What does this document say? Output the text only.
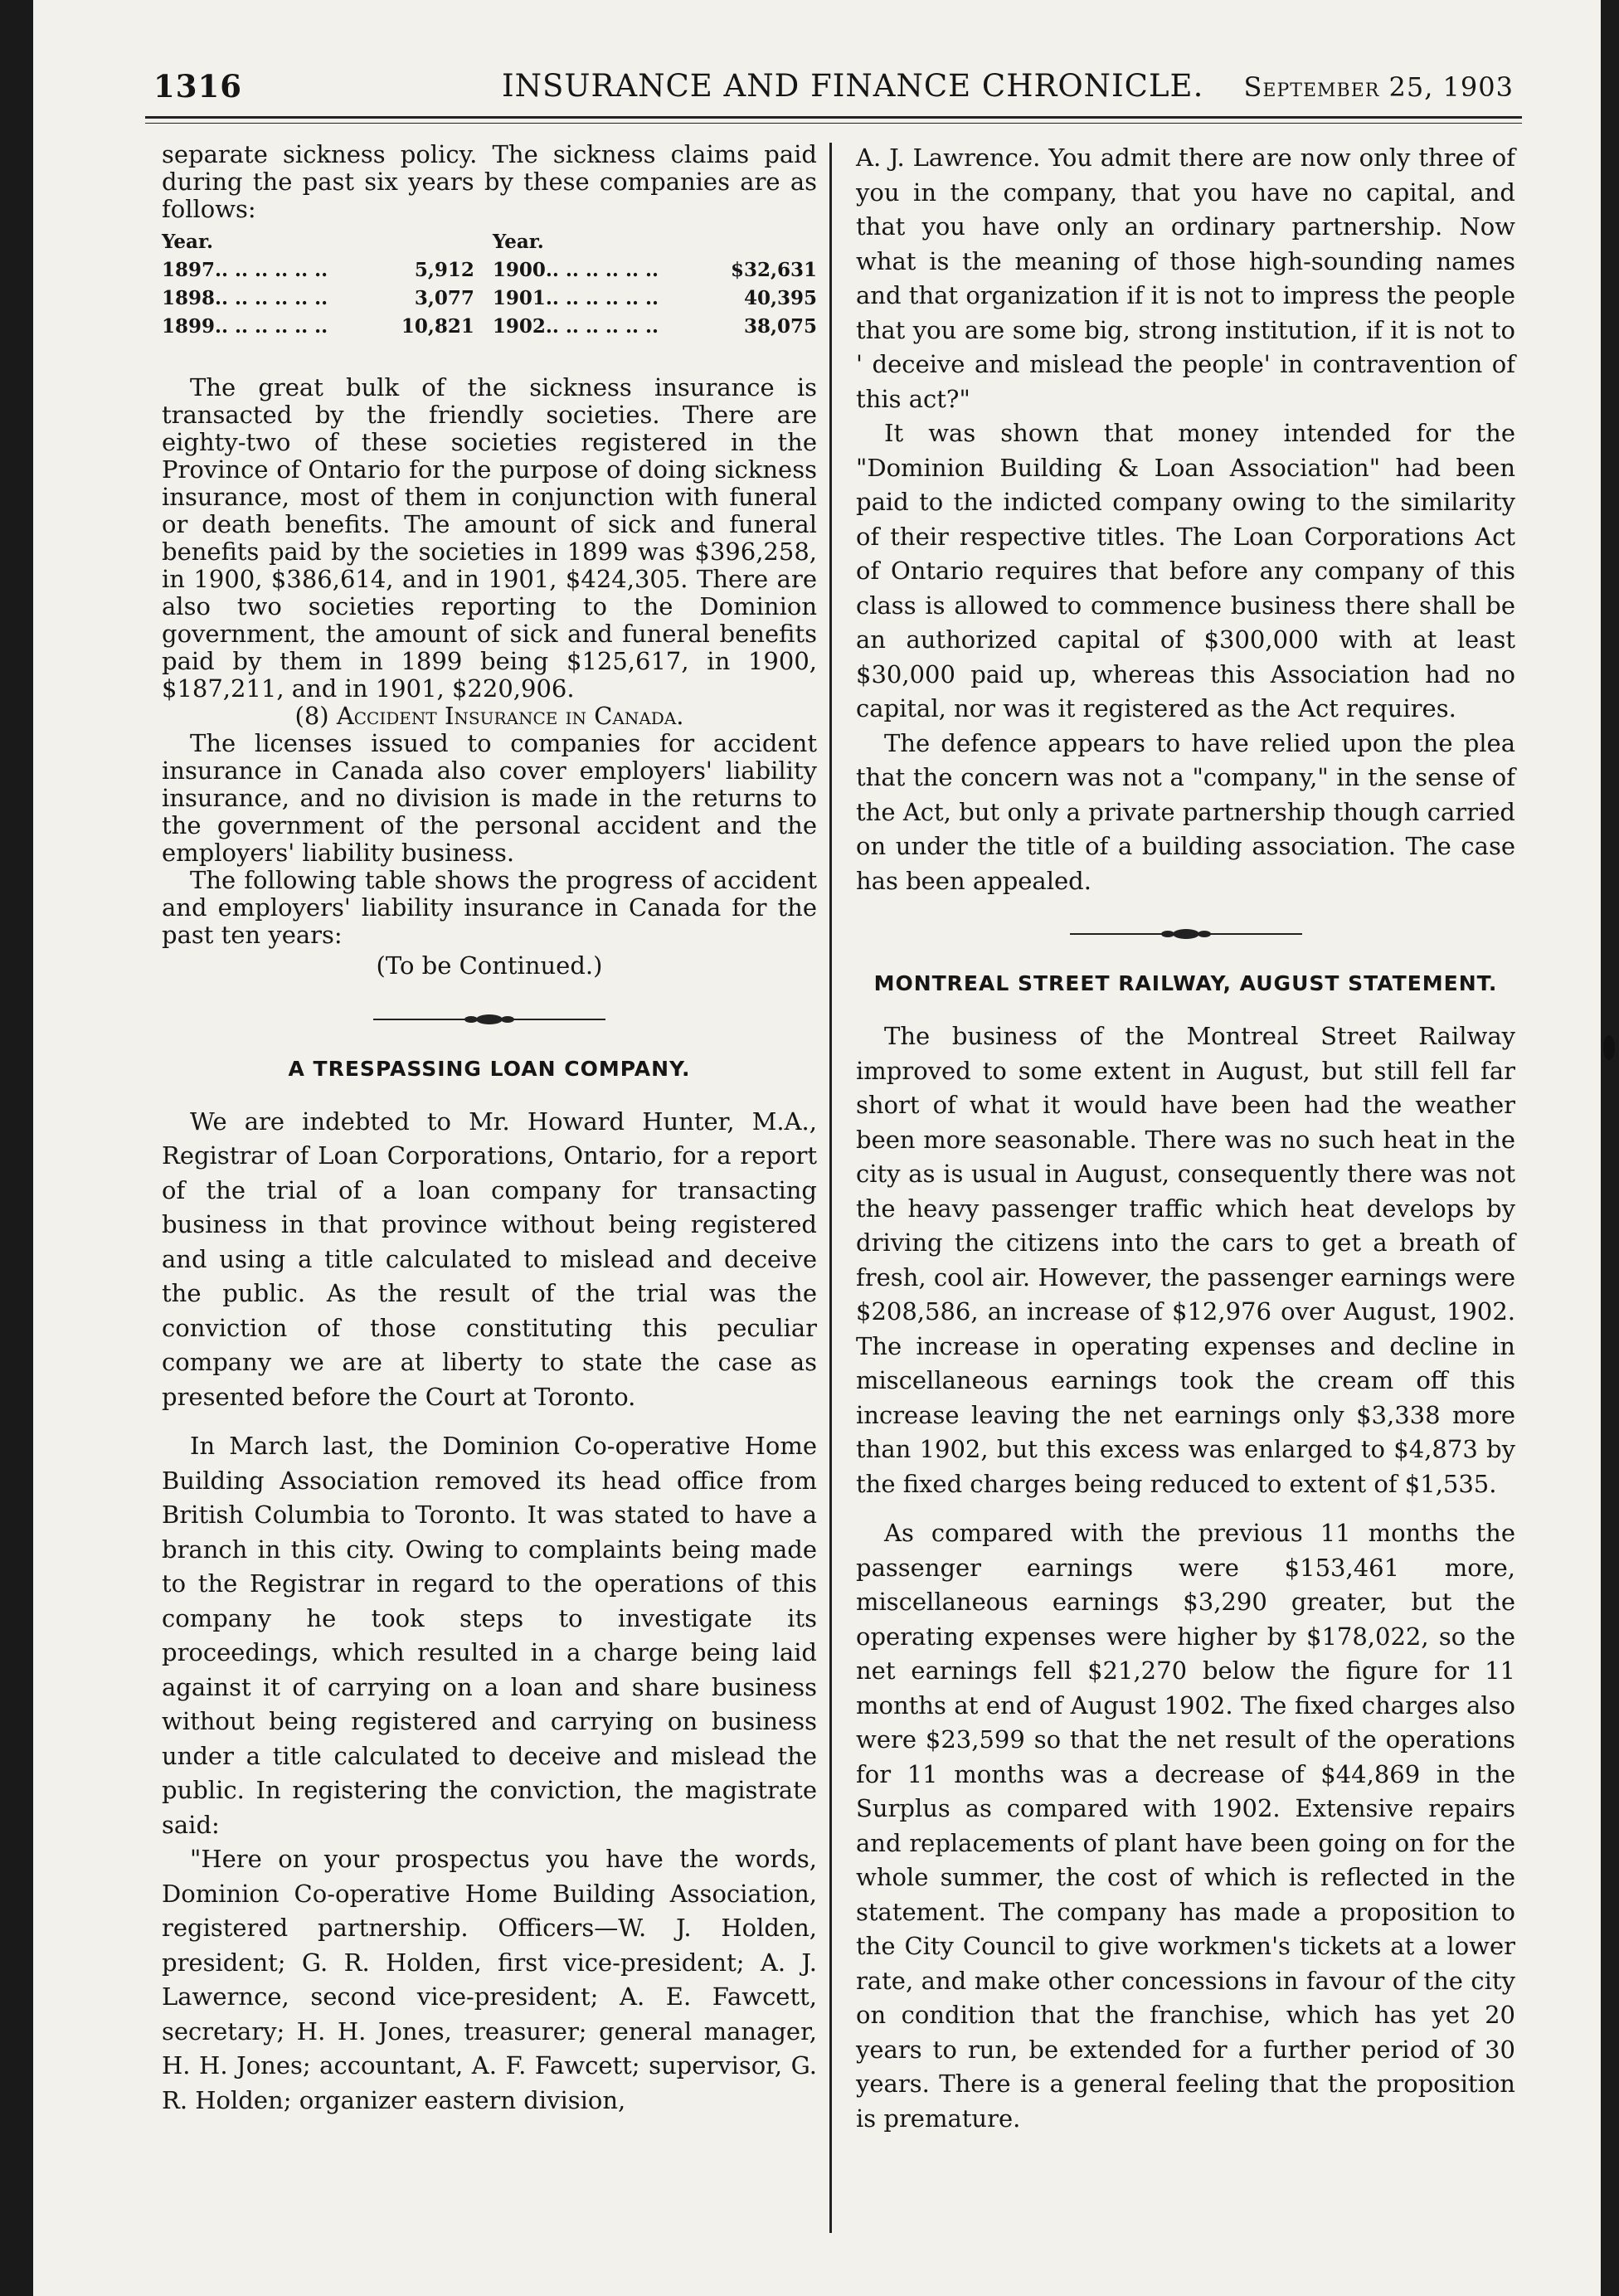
1316	INSURANCE AND FINANCE CHRONICLE. September 25, 1903

separate sickness policy. The sickness claims paid during the past six years by these companies are as follows:

Year.		Year.	
1897.. .. .. .. .. ..	5,912	1900.. .. .. .. .. ..	$32,631
1898.. .. .. .. .. ..	3,077	1901.. .. .. .. .. ..	40,395
1899.. .. .. .. .. ..	10,821	1902.. .. .. .. .. ..	38,075

The great bulk of the sickness insurance is transacted by the friendly societies. There are eighty-two of these societies registered in the Province of Ontario for the purpose of doing sickness insurance, most of them in conjunction with funeral or death benefits. The amount of sick and funeral benefits paid by the societies in 1899 was $396,258, in 1900, $386,614, and in 1901, $424,305. There are also two societies reporting to the Dominion government, the amount of sick and funeral benefits paid by them in 1899 being $125,617, in 1900, $187,211, and in 1901, $220,906.

(8) Accident Insurance in Canada.

The licenses issued to companies for accident insurance in Canada also cover employers' liability insurance, and no division is made in the returns to the government of the personal accident and the employers' liability business.

The following table shows the progress of accident and employers' liability insurance in Canada for the past ten years:

(To be Continued.)

A TRESPASSING LOAN COMPANY.

We are indebted to Mr. Howard Hunter, M.A., Registrar of Loan Corporations, Ontario, for a report of the trial of a loan company for transacting business in that province without being registered and using a title calculated to mislead and deceive the public. As the result of the trial was the conviction of those constituting this peculiar company we are at liberty to state the case as presented before the Court at Toronto.

In March last, the Dominion Co-operative Home Building Association removed its head office from British Columbia to Toronto. It was stated to have a branch in this city. Owing to complaints being made to the Registrar in regard to the operations of this company he took steps to investigate its proceedings, which resulted in a charge being laid against it of carrying on a loan and share business without being registered and carrying on business under a title calculated to deceive and mislead the public. In registering the conviction, the magistrate said:

"Here on your prospectus you have the words, Dominion Co-operative Home Building Association, registered partnership. Officers—W. J. Holden, president; G. R. Holden, first vice-president; A. J. Lawernce, second vice-president; A. E. Fawcett, secretary; H. H. Jones, treasurer; general manager, H. H. Jones; accountant, A. F. Fawcett; supervisor, G. R. Holden; organizer eastern division,

A. J. Lawrence. You admit there are now only three of you in the company, that you have no capital, and that you have only an ordinary partnership. Now what is the meaning of those high-sounding names and that organization if it is not to impress the people that you are some big, strong institution, if it is not to ' deceive and mislead the people' in contravention of this act?"

It was shown that money intended for the "Dominion Building & Loan Association" had been paid to the indicted company owing to the similarity of their respective titles. The Loan Corporations Act of Ontario requires that before any company of this class is allowed to commence business there shall be an authorized capital of $300,000 with at least $30,000 paid up, whereas this Association had no capital, nor was it registered as the Act requires.

The defence appears to have relied upon the plea that the concern was not a "company," in the sense of the Act, but only a private partnership though carried on under the title of a building association. The case has been appealed.

MONTREAL STREET RAILWAY, AUGUST STATEMENT.

The business of the Montreal Street Railway improved to some extent in August, but still fell far short of what it would have been had the weather been more seasonable. There was no such heat in the city as is usual in August, consequently there was not the heavy passenger traffic which heat develops by driving the citizens into the cars to get a breath of fresh, cool air. However, the passenger earnings were $208,586, an increase of $12,976 over August, 1902. The increase in operating expenses and decline in miscellaneous earnings took the cream off this increase leaving the net earnings only $3,338 more than 1902, but this excess was enlarged to $4,873 by the fixed charges being reduced to extent of $1,535.

As compared with the previous 11 months the passenger earnings were $153,461 more, miscellaneous earnings $3,290 greater, but the operating expenses were higher by $178,022, so the net earnings fell $21,270 below the figure for 11 months at end of August 1902. The fixed charges also were $23,599 so that the net result of the operations for 11 months was a decrease of $44,869 in the Surplus as compared with 1902. Extensive repairs and replacements of plant have been going on for the whole summer, the cost of which is reflected in the statement. The company has made a proposition to the City Council to give workmen's tickets at a lower rate, and make other concessions in favour of the city on condition that the franchise, which has yet 20 years to run, be extended for a further period of 30 years. There is a general feeling that the proposition is premature.
